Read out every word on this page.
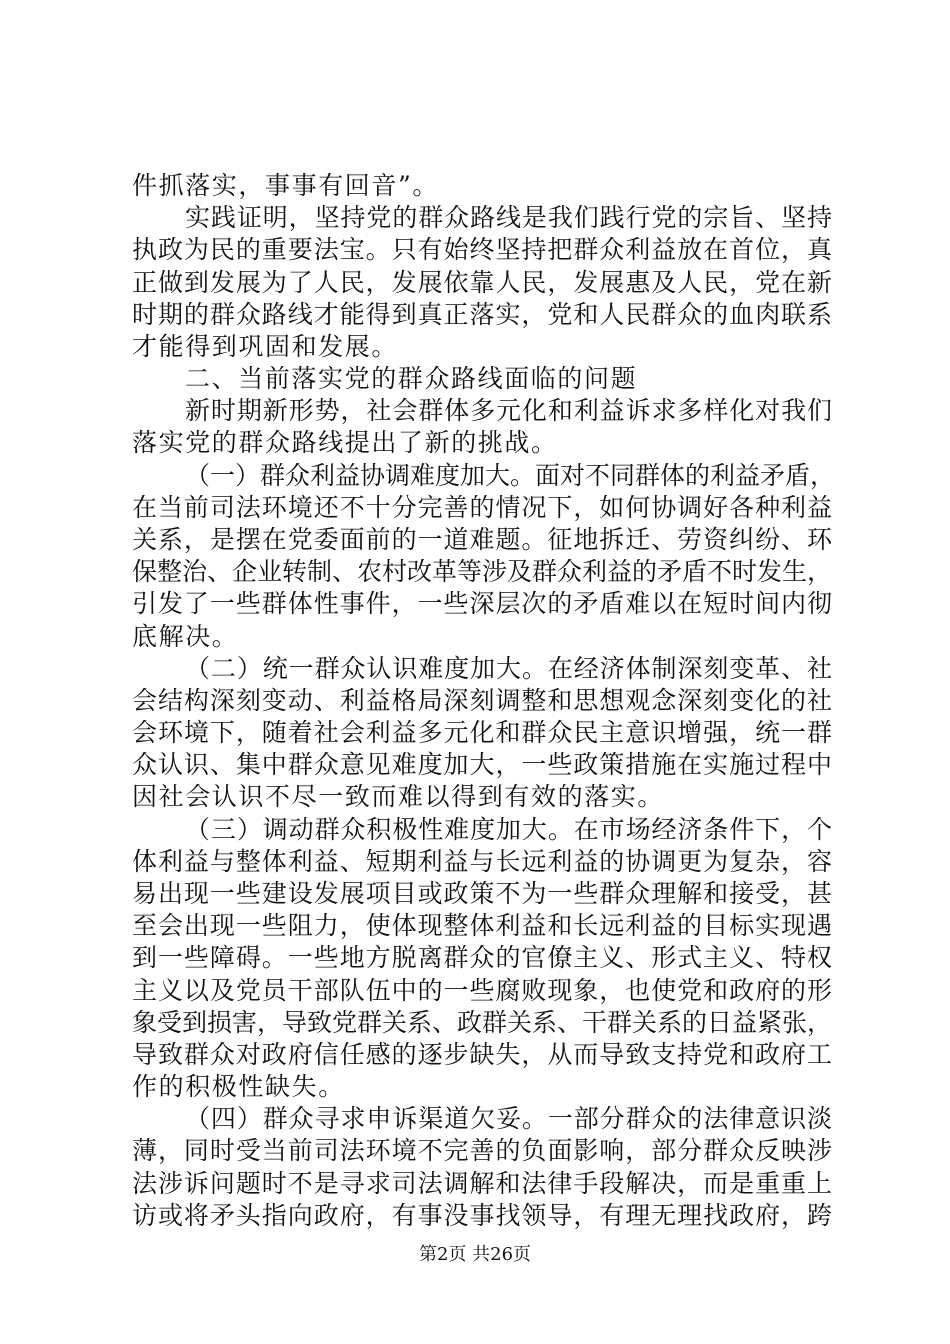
件抓落实，事事有回音”。
实践证明，坚持党的群众路线是我们践行党的宗旨、坚持
执政为民的重要法宝。只有始终坚持把群众利益放在首位，真
正做到发展为了人民，发展依靠人民，发展惠及人民，党在新
时期的群众路线才能得到真正落实，党和人民群众的血肉联系
才能得到巩固和发展。
二、当前落实党的群众路线面临的问题
新时期新形势，社会群体多元化和利益诉求多样化对我们
落实党的群众路线提出了新的挑战。
（一）群众利益协调难度加大。面对不同群体的利益矛盾，
在当前司法环境还不十分完善的情况下，如何协调好各种利益
关系，是摆在党委面前的一道难题。征地拆迁、劳资纠纷、环
保整治、企业转制、农村改革等涉及群众利益的矛盾不时发生，
引发了一些群体性事件，一些深层次的矛盾难以在短时间内彻
底解决。
（二）统一群众认识难度加大。在经济体制深刻变革、社
会结构深刻变动、利益格局深刻调整和思想观念深刻变化的社
会环境下，随着社会利益多元化和群众民主意识增强，统一群
众认识、集中群众意见难度加大，一些政策措施在实施过程中
因社会认识不尽一致而难以得到有效的落实。
（三）调动群众积极性难度加大。在市场经济条件下，个
体利益与整体利益、短期利益与长远利益的协调更为复杂，容
易出现一些建设发展项目或政策不为一些群众理解和接受，甚
至会出现一些阻力，使体现整体利益和长远利益的目标实现遇
到一些障碍。一些地方脱离群众的官僚主义、形式主义、特权
主义以及党员干部队伍中的一些腐败现象，也使党和政府的形
象受到损害，导致党群关系、政群关系、干群关系的日益紧张，
导致群众对政府信任感的逐步缺失，从而导致支持党和政府工
作的积极性缺失。
（四）群众寻求申诉渠道欠妥。一部分群众的法律意识淡
薄，同时受当前司法环境不完善的负面影响，部分群众反映涉
法涉诉问题时不是寻求司法调解和法律手段解决，而是重重上
访或将矛头指向政府，有事没事找领导，有理无理找政府，跨
第2页 共26页
